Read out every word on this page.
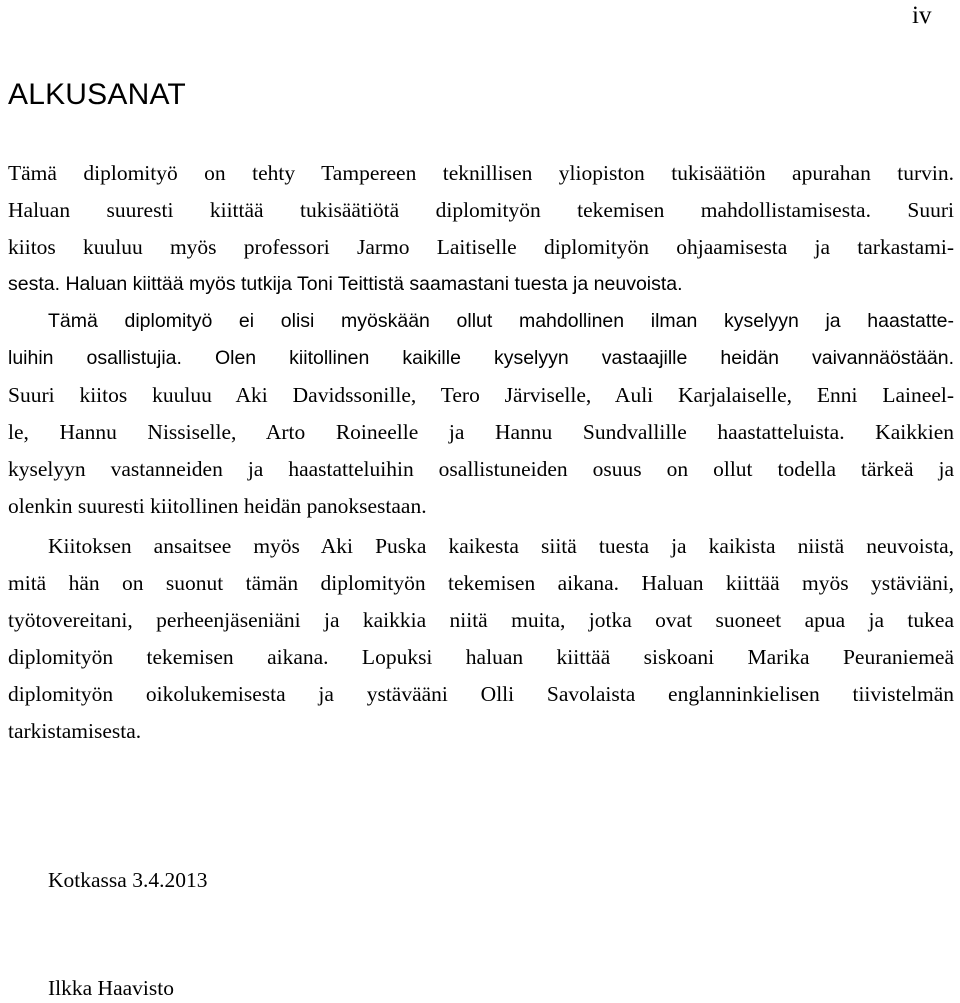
iv
ALKUSANAT
Tämä diplomityö on tehty Tampereen teknillisen yliopiston tukisäätiön apurahan turvin.
Haluan suuresti kiittää tukisäätiötä diplomityön tekemisen mahdollistamisesta. Suuri
kiitos kuuluu myös professori Jarmo Laitiselle diplomityön ohjaamisesta ja tarkastami-
sesta. Haluan kiittää myös tutkija Toni Teittistä saamastani tuesta ja neuvoista.
Tämä diplomityö ei olisi myöskään ollut mahdollinen ilman kyselyyn ja haastatte-
luihin osallistujia. Olen kiitollinen kaikille kyselyyn vastaajille heidän vaivannäöstään.
Suuri kiitos kuuluu Aki Davidssonille, Tero Järviselle, Auli Karjalaiselle, Enni Laineel-
le, Hannu Nissiselle, Arto Roineelle ja Hannu Sundvallille haastatteluista. Kaikkien
kyselyyn vastanneiden ja haastatteluihin osallistuneiden osuus on ollut todella tärkeä ja
olenkin suuresti kiitollinen heidän panoksestaan.
Kiitoksen ansaitsee myös Aki Puska kaikesta siitä tuesta ja kaikista niistä neuvoista,
mitä hän on suonut tämän diplomityön tekemisen aikana. Haluan kiittää myös ystäviäni,
työtovereitani, perheenjäseniäni ja kaikkia niitä muita, jotka ovat suoneet apua ja tukea
diplomityön tekemisen aikana. Lopuksi haluan kiittää siskoani Marika Peuraniemeä
diplomityön oikolukemisesta ja ystävääni Olli Savolaista englanninkielisen tiivistelmän
tarkistamisesta.
Kotkassa 3.4.2013
Ilkka Haavisto
